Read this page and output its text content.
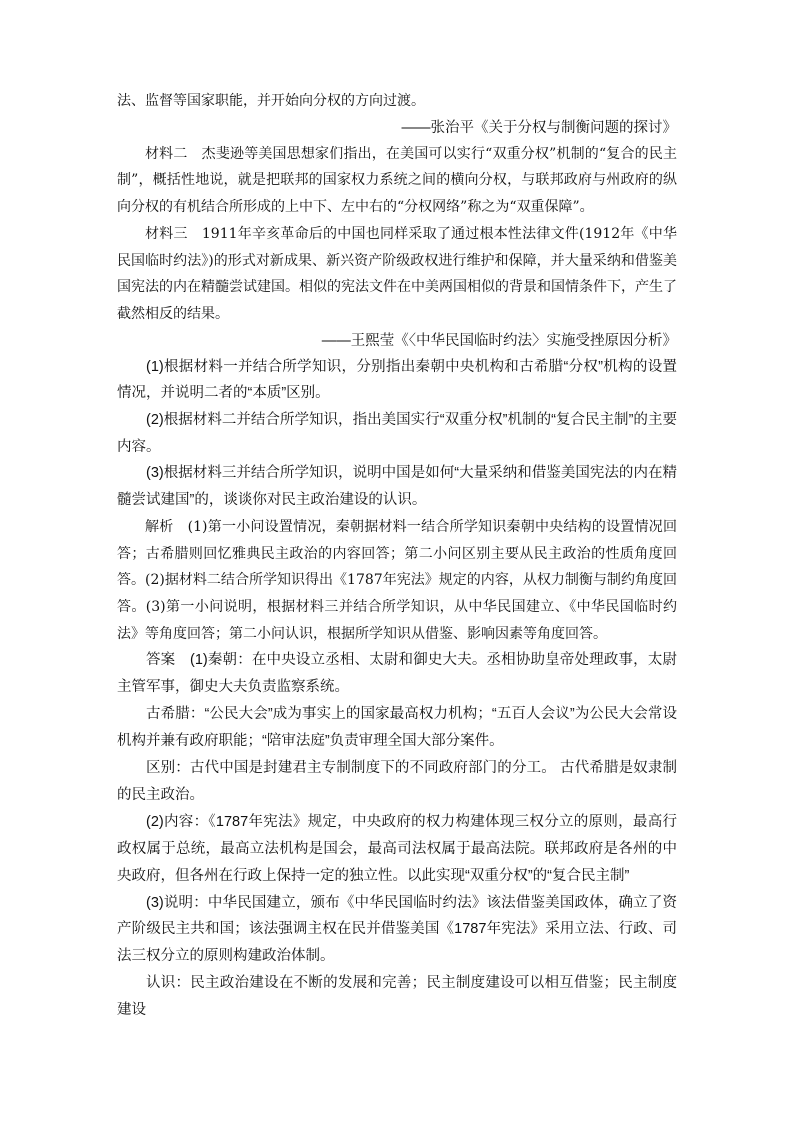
法、监督等国家职能，并开始向分权的方向过渡。

——张治平《关于分权与制衡问题的探讨》

材料二　杰斐逊等美国思想家们指出，在美国可以实行“双重分权”机制的“复合的民主制”，概括性地说，就是把联邦的国家权力系统之间的横向分权，与联邦政府与州政府的纵向分权的有机结合所形成的上中下、左中右的“分权网络”称之为“双重保障”。

材料三　1911年辛亥革命后的中国也同样采取了通过根本性法律文件(1912年《中华民国临时约法》)的形式对新成果、新兴资产阶级政权进行维护和保障，并大量采纳和借鉴美国宪法的内在精髓尝试建国。相似的宪法文件在中美两国相似的背景和国情条件下，产生了截然相反的结果。

——王熙莹《〈中华民国临时约法〉实施受挫原因分析》

(1)根据材料一并结合所学知识，分别指出秦朝中央机构和古希腊“分权”机构的设置情况，并说明二者的“本质”区别。

(2)根据材料二并结合所学知识，指出美国实行“双重分权”机制的“复合民主制”的主要内容。

(3)根据材料三并结合所学知识，说明中国是如何“大量采纳和借鉴美国宪法的内在精髓尝试建国”的，谈谈你对民主政治建设的认识。

解析　(1)第一小问设置情况，秦朝据材料一结合所学知识秦朝中央结构的设置情况回答；古希腊则回忆雅典民主政治的内容回答；第二小问区别主要从民主政治的性质角度回答。(2)据材料二结合所学知识得出《1787年宪法》规定的内容，从权力制衡与制约角度回答。(3)第一小问说明，根据材料三并结合所学知识，从中华民国建立、《中华民国临时约法》等角度回答；第二小问认识，根据所学知识从借鉴、影响因素等角度回答。

答案　(1)秦朝：在中央设立丞相、太尉和御史大夫。丞相协助皇帝处理政事，太尉主管军事，御史大夫负责监察系统。

古希腊：“公民大会”成为事实上的国家最高权力机构；“五百人会议”为公民大会常设机构并兼有政府职能；“陪审法庭”负责审理全国大部分案件。

区别：古代中国是封建君主专制制度下的不同政府部门的分工。 古代希腊是奴隶制的民主政治。

(2)内容：《1787年宪法》规定，中央政府的权力构建体现三权分立的原则，最高行政权属于总统，最高立法机构是国会，最高司法权属于最高法院。联邦政府是各州的中央政府，但各州在行政上保持一定的独立性。以此实现“双重分权”的“复合民主制”

(3)说明：中华民国建立，颁布《中华民国临时约法》该法借鉴美国政体，确立了资产阶级民主共和国；该法强调主权在民并借鉴美国《1787年宪法》采用立法、行政、司法三权分立的原则构建政治体制。

认识：民主政治建设在不断的发展和完善；民主制度建设可以相互借鉴；民主制度建设
